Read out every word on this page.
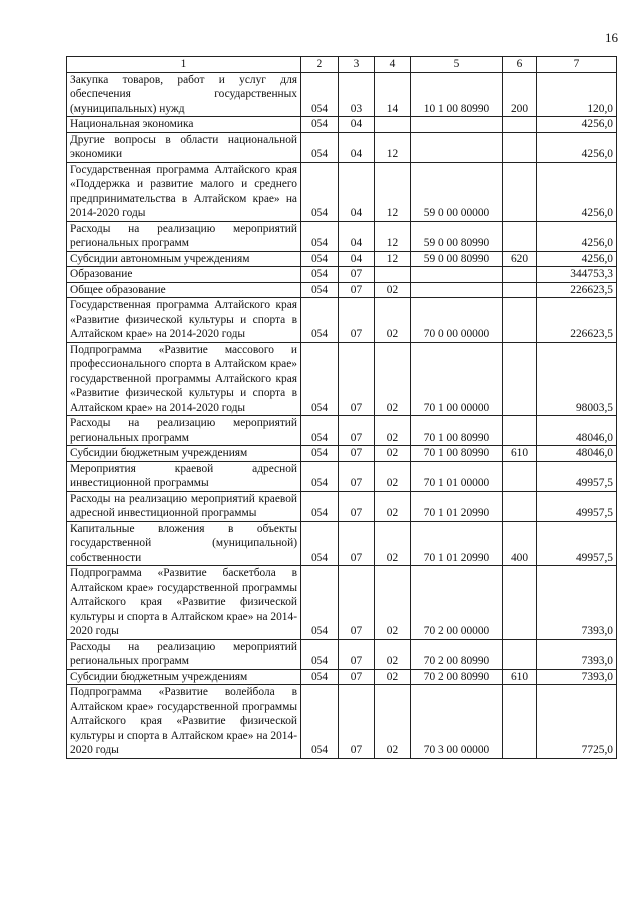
16
1	2	3	4	5	6	7
Закупка товаров, работ и услуг для обеспечения государственных (муниципальных) нужд	054	03	14	10 1 00 80990	200	120,0
Национальная экономика	054	04				4256,0
Другие вопросы в области национальной экономики	054	04	12			4256,0
Государственная программа Алтайского края «Поддержка и развитие малого и среднего предпринимательства в Алтайском крае» на 2014-2020 годы	054	04	12	59 0 00 00000		4256,0
Расходы на реализацию мероприятий региональных программ	054	04	12	59 0 00 80990		4256,0
Субсидии автономным учреждениям	054	04	12	59 0 00 80990	620	4256,0
Образование	054	07				344753,3
Общее образование	054	07	02			226623,5
Государственная программа Алтайского края «Развитие физической культуры и спорта в Алтайском крае» на 2014-2020 годы	054	07	02	70 0 00 00000		226623,5
Подпрограмма «Развитие массового и профессионального спорта в Алтайском крае» государственной программы Алтайского края «Развитие физической культуры и спорта в Алтайском крае» на 2014-2020 годы	054	07	02	70 1 00 00000		98003,5
Расходы на реализацию мероприятий региональных программ	054	07	02	70 1 00 80990		48046,0
Субсидии бюджетным учреждениям	054	07	02	70 1 00 80990	610	48046,0
Мероприятия краевой адресной инвестиционной программы	054	07	02	70 1 01 00000		49957,5
Расходы на реализацию мероприятий краевой адресной инвестиционной программы	054	07	02	70 1 01 20990		49957,5
Капитальные вложения в объекты государственной (муниципальной) собственности	054	07	02	70 1 01 20990	400	49957,5
Подпрограмма «Развитие баскетбола в Алтайском крае» государственной программы Алтайского края «Развитие физической культуры и спорта в Алтайском крае» на 2014-2020 годы	054	07	02	70 2 00 00000		7393,0
Расходы на реализацию мероприятий региональных программ	054	07	02	70 2 00 80990		7393,0
Субсидии бюджетным учреждениям	054	07	02	70 2 00 80990	610	7393,0
Подпрограмма «Развитие волейбола в Алтайском крае» государственной программы Алтайского края «Развитие физической культуры и спорта в Алтайском крае» на 2014-2020 годы	054	07	02	70 3 00 00000		7725,0
